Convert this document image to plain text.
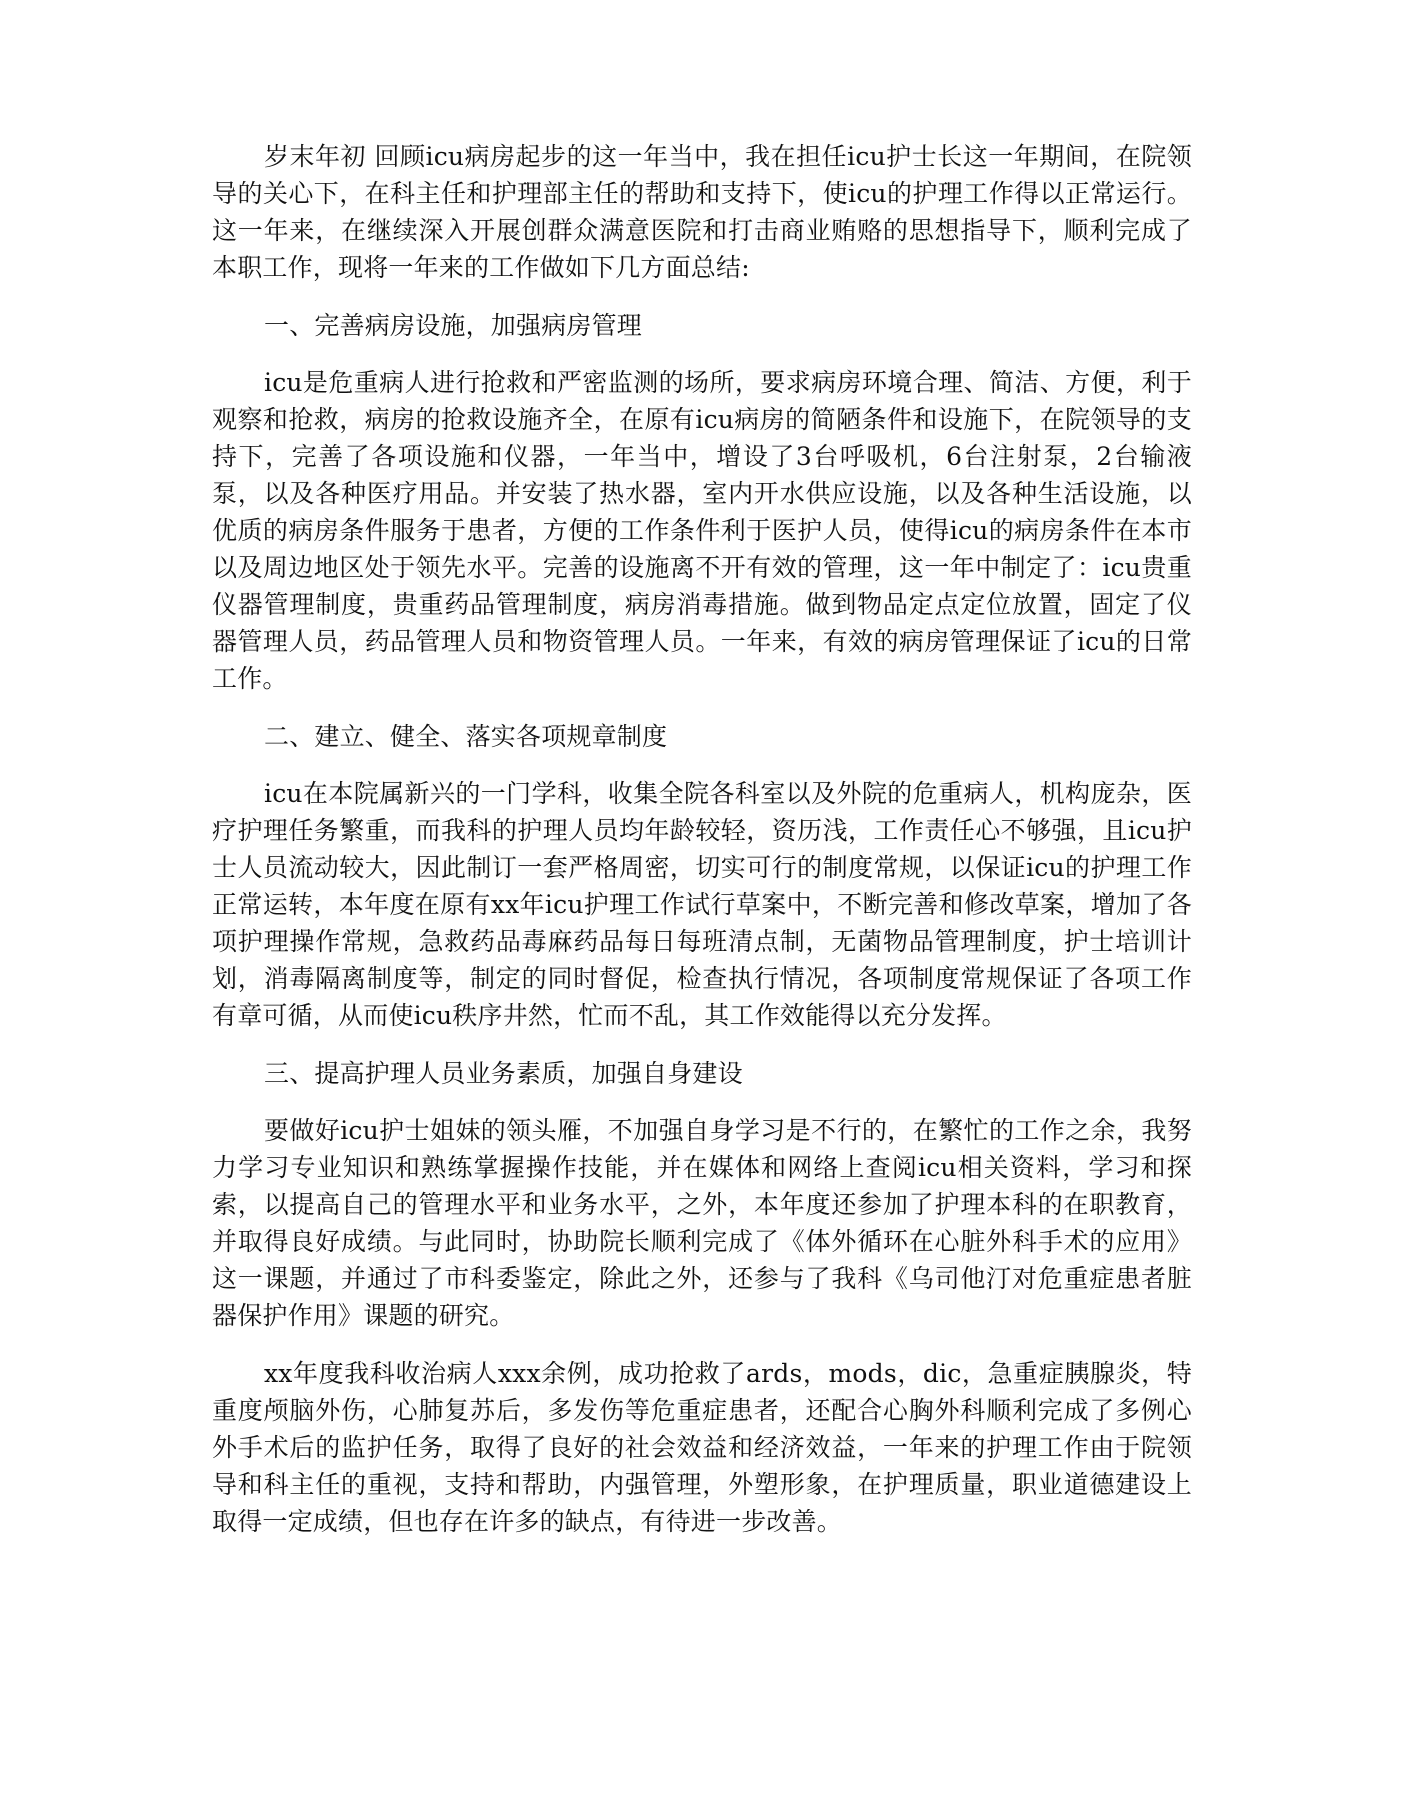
岁末年初 回顾icu病房起步的这一年当中，我在担任icu护士长这一年期间，在院领导的关心下，在科主任和护理部主任的帮助和支持下，使icu的护理工作得以正常运行。这一年来，在继续深入开展创群众满意医院和打击商业贿赂的思想指导下，顺利完成了本职工作，现将一年来的工作做如下几方面总结:

一、完善病房设施，加强病房管理

icu是危重病人进行抢救和严密监测的场所，要求病房环境合理、简洁、方便，利于观察和抢救，病房的抢救设施齐全，在原有icu病房的简陋条件和设施下，在院领导的支持下，完善了各项设施和仪器，一年当中，增设了3台呼吸机，6台注射泵，2台输液泵，以及各种医疗用品。并安装了热水器，室内开水供应设施，以及各种生活设施，以优质的病房条件服务于患者，方便的工作条件利于医护人员，使得icu的病房条件在本市以及周边地区处于领先水平。完善的设施离不开有效的管理，这一年中制定了：icu贵重仪器管理制度，贵重药品管理制度，病房消毒措施。做到物品定点定位放置，固定了仪器管理人员，药品管理人员和物资管理人员。一年来，有效的病房管理保证了icu的日常工作。

二、建立、健全、落实各项规章制度

icu在本院属新兴的一门学科，收集全院各科室以及外院的危重病人，机构庞杂，医疗护理任务繁重，而我科的护理人员均年龄较轻，资历浅，工作责任心不够强，且icu护士人员流动较大，因此制订一套严格周密，切实可行的制度常规，以保证icu的护理工作正常运转，本年度在原有xx年icu护理工作试行草案中，不断完善和修改草案，增加了各项护理操作常规，急救药品毒麻药品每日每班清点制，无菌物品管理制度，护士培训计划，消毒隔离制度等，制定的同时督促，检查执行情况，各项制度常规保证了各项工作有章可循，从而使icu秩序井然，忙而不乱，其工作效能得以充分发挥。

三、提高护理人员业务素质，加强自身建设

要做好icu护士姐妹的领头雁，不加强自身学习是不行的，在繁忙的工作之余，我努力学习专业知识和熟练掌握操作技能，并在媒体和网络上查阅icu相关资料，学习和探索，以提高自己的管理水平和业务水平，之外，本年度还参加了护理本科的在职教育，并取得良好成绩。与此同时，协助院长顺利完成了《体外循环在心脏外科手术的应用》这一课题，并通过了市科委鉴定，除此之外，还参与了我科《乌司他汀对危重症患者脏器保护作用》课题的研究。

xx年度我科收治病人xxx余例，成功抢救了ards，mods，dic，急重症胰腺炎，特重度颅脑外伤，心肺复苏后，多发伤等危重症患者，还配合心胸外科顺利完成了多例心外手术后的监护任务，取得了良好的社会效益和经济效益，一年来的护理工作由于院领导和科主任的重视，支持和帮助，内强管理，外塑形象，在护理质量，职业道德建设上取得一定成绩，但也存在许多的缺点，有待进一步改善。
